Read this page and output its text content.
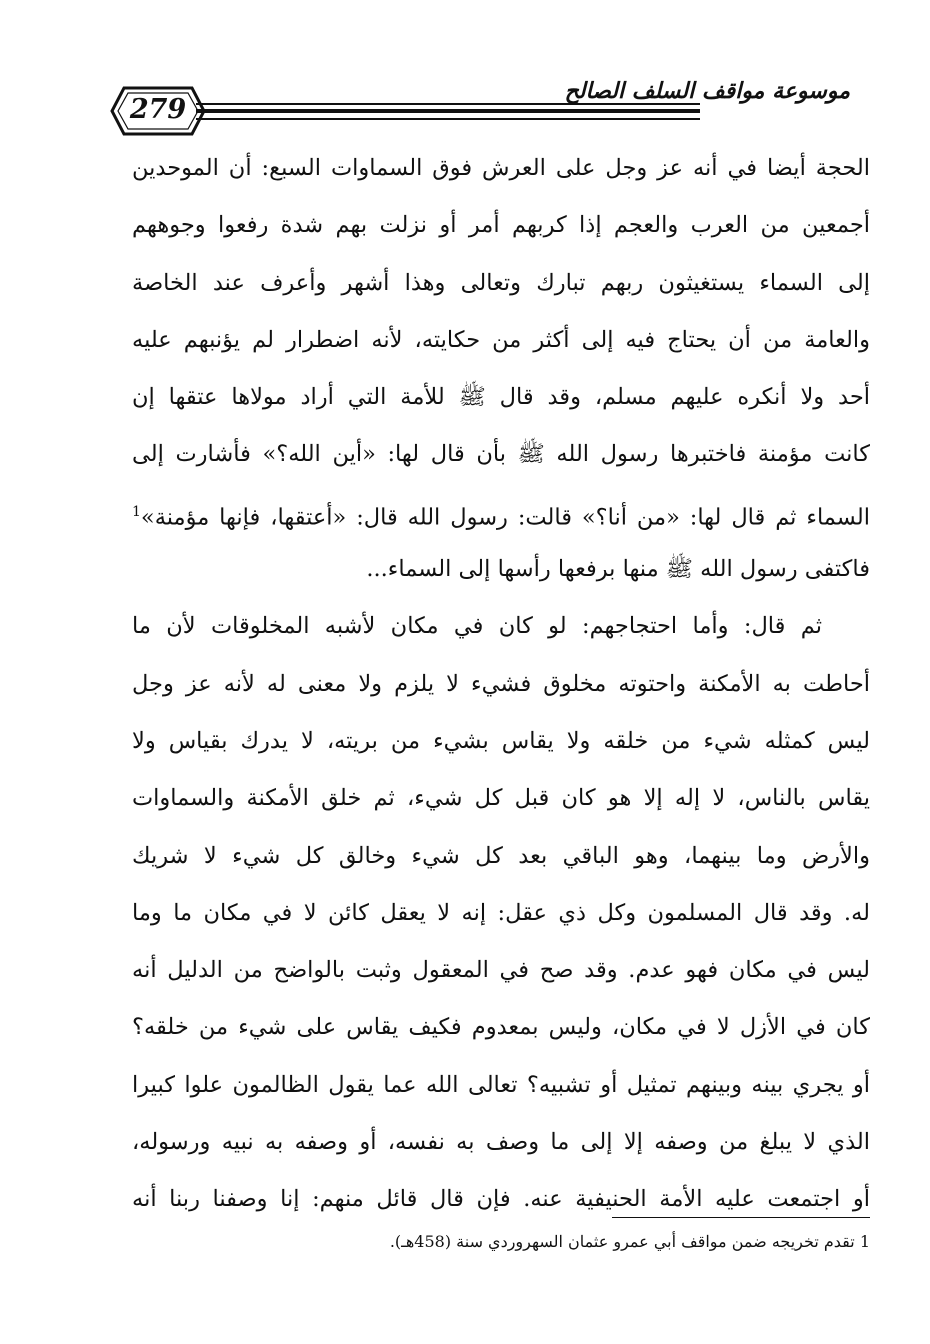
279
موسوعة مواقف السلف الصالح
الحجة أيضا في أنه عز وجل على العرش فوق السماوات السبع: أن الموحدين
أجمعين من العرب والعجم إذا كربهم أمر أو نزلت بهم شدة رفعوا وجوههم
إلى السماء يستغيثون ربهم تبارك وتعالى وهذا أشهر وأعرف عند الخاصة
والعامة من أن يحتاج فيه إلى أكثر من حكايته، لأنه اضطرار لم يؤنبهم عليه
أحد ولا أنكره عليهم مسلم، وقد قال ﷺ للأمة التي أراد مولاها عتقها إن
كانت مؤمنة فاختبرها رسول الله ﷺ بأن قال لها: «أين الله؟» فأشارت إلى
السماء ثم قال لها: «من أنا؟» قالت: رسول الله قال: «أعتقها، فإنها مؤمنة»$^1$
فاكتفى رسول الله ﷺ منها برفعها رأسها إلى السماء...
ثم قال: وأما احتجاجهم: لو كان في مكان لأشبه المخلوقات لأن ما
أحاطت به الأمكنة واحتوته مخلوق فشيء لا يلزم ولا معنى له لأنه عز وجل
ليس كمثله شيء من خلقه ولا يقاس بشيء من بريته، لا يدرك بقياس ولا
يقاس بالناس، لا إله إلا هو كان قبل كل شيء، ثم خلق الأمكنة والسماوات
والأرض وما بينهما، وهو الباقي بعد كل شيء وخالق كل شيء لا شريك
له. وقد قال المسلمون وكل ذي عقل: إنه لا يعقل كائن لا في مكان ما وما
ليس في مكان فهو عدم. وقد صح في المعقول وثبت بالواضح من الدليل أنه
كان في الأزل لا في مكان، وليس بمعدوم فكيف يقاس على شيء من خلقه؟
أو يجري بينه وبينهم تمثيل أو تشبيه؟ تعالى الله عما يقول الظالمون علوا كبيرا
الذي لا يبلغ من وصفه إلا إلى ما وصف به نفسه، أو وصفه به نبيه ورسوله،
أو اجتمعت عليه الأمة الحنيفية عنه. فإن قال قائل منهم: إنا وصفنا ربنا أنه
1 تقدم تخريجه ضمن مواقف أبي عمرو عثمان السهروردي سنة (458هـ).
